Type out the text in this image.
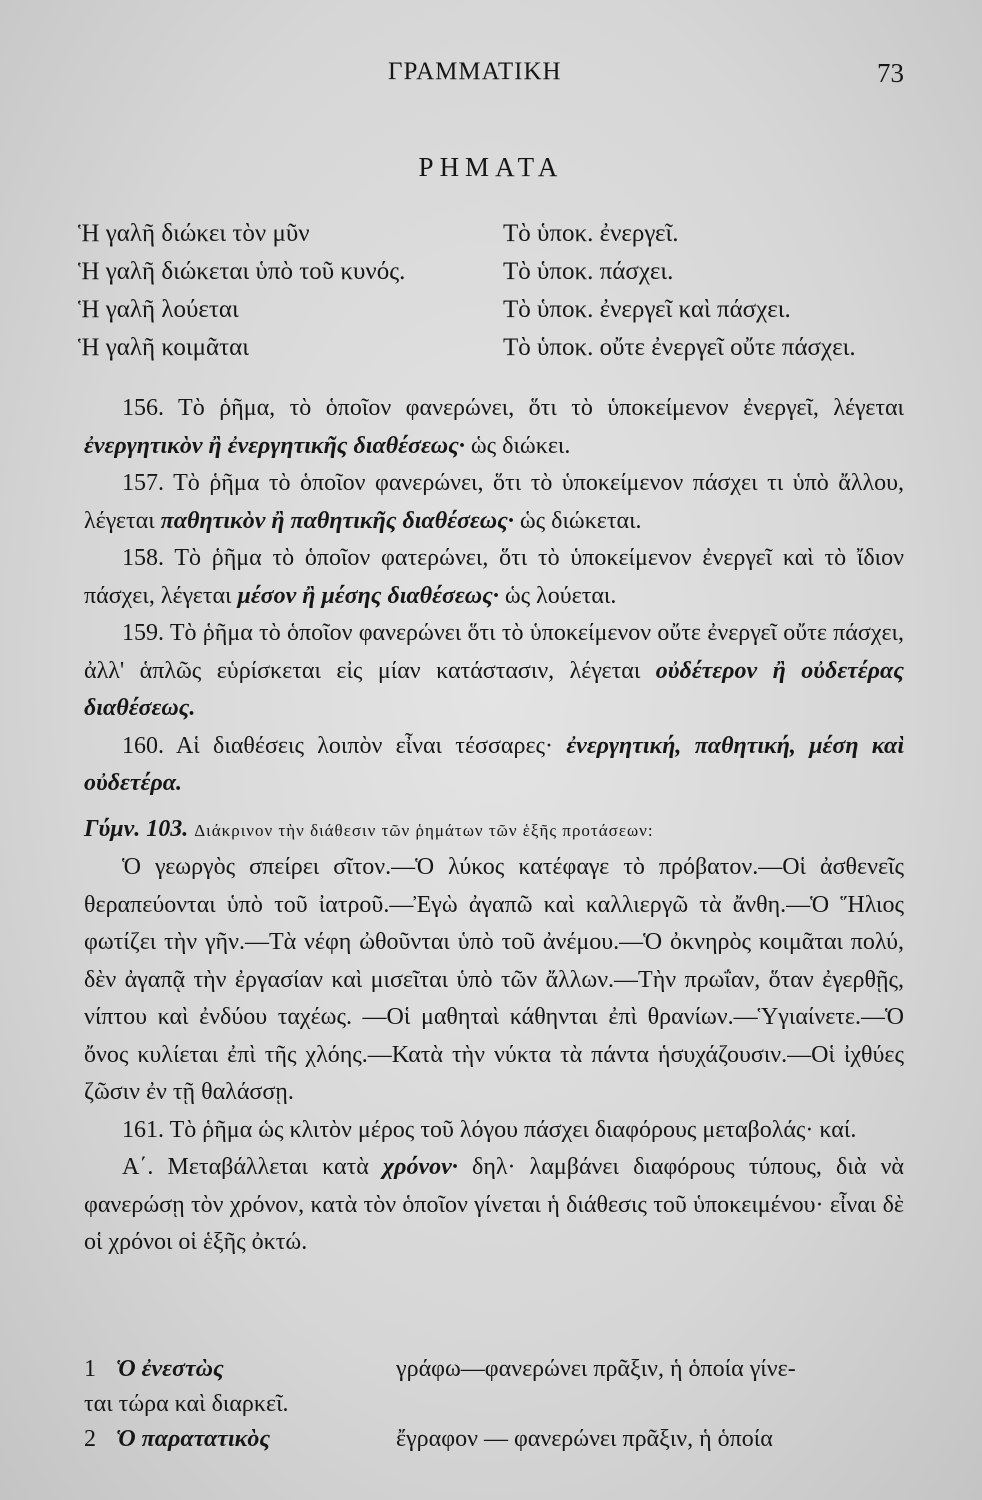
ΓΡΑΜΜΑΤΙΚΗ	73
ΡΗΜΑΤΑ
Ἡ γαλῆ διώκει τὸν μῦν	Τὸ ὑποκ. ἐνεργεῖ.
Ἡ γαλῆ διώκεται ὑπὸ τοῦ κυνός.	Τὸ ὑποκ. πάσχει.
Ἡ γαλῆ λούεται	Τὸ ὑποκ. ἐνεργεῖ καὶ πάσχει.
Ἡ γαλῆ κοιμᾶται	Τὸ ὑποκ. οὔτε ἐνεργεῖ οὔτε πάσχει.

156. Τὸ ῥῆμα, τὸ ὁποῖον φανερώνει, ὅτι τὸ ὑποκείμενον ἐνεργεῖ, λέγεται ἐνεργητικὸν ἢ ἐνεργητικῆς διαθέσεως· ὡς διώκει.

157. Τὸ ῥῆμα τὸ ὁποῖον φανερώνει, ὅτι τὸ ὑποκείμενον πάσχει τι ὑπὸ ἄλλου, λέγεται παθητικὸν ἢ παθητικῆς διαθέσεως· ὡς διώκεται.

158. Τὸ ῥῆμα τὸ ὁποῖον φατερώνει, ὅτι τὸ ὑποκείμενον ἐνεργεῖ καὶ τὸ ἴδιον πάσχει, λέγεται μέσον ἢ μέσης διαθέσεως· ὡς λούεται.

159. Τὸ ῥῆμα τὸ ὁποῖον φανερώνει ὅτι τὸ ὑποκείμενον οὔτε ἐνεργεῖ οὔτε πάσχει, ἀλλ' ἁπλῶς εὑρίσκεται εἰς μίαν κατάστασιν, λέγεται οὐδέτερον ἢ οὐδετέρας διαθέσεως.

160. Αἱ διαθέσεις λοιπὸν εἶναι τέσσαρες· ἐνεργητική, παθητική, μέση καὶ οὐδετέρα.

Γύμν. 103. Διάκρινον τὴν διάθεσιν τῶν ῥημάτων τῶν ἑξῆς προτάσεων:

Ὁ γεωργὸς σπείρει σῖτον.—Ὁ λύκος κατέφαγε τὸ πρόβατον.—Οἱ ἀσθενεῖς θεραπεύονται ὑπὸ τοῦ ἰατροῦ.—Ἐγὼ ἀγαπῶ καὶ καλλιεργῶ τὰ ἄνθη.—Ὁ Ἥλιος φωτίζει τὴν γῆν.—Τὰ νέφη ὠθοῦνται ὑπὸ τοῦ ἀνέμου.—Ὁ ὀκνηρὸς κοιμᾶται πολύ, δὲν ἀγαπᾷ τὴν ἐργασίαν καὶ μισεῖται ὑπὸ τῶν ἄλλων.—Τὴν πρωΐαν, ὅταν ἐγερθῇς, νίπτου καὶ ἐνδύου ταχέως. —Οἱ μαθηταὶ κάθηνται ἐπὶ θρανίων.—Ὑγιαίνετε.—Ὁ ὄνος κυλίεται ἐπὶ τῆς χλόης.—Κατὰ τὴν νύκτα τὰ πάντα ἡσυχάζουσιν.—Οἱ ἰχθύες ζῶσιν ἐν τῇ θαλάσσῃ.

161. Τὸ ῥῆμα ὡς κλιτὸν μέρος τοῦ λόγου πάσχει διαφόρους μεταβολάς· καί.

Α΄. Μεταβάλλεται κατὰ χρόνον· δηλ· λαμβάνει διαφόρους τύπους, διὰ νὰ φανερώσῃ τὸν χρόνον, κατὰ τὸν ὁποῖον γίνεται ἡ διάθεσις τοῦ ὑποκειμένου· εἶναι δὲ οἱ χρόνοι οἱ ἑξῆς ὀκτώ.

1 Ὁ ἐνεστὼς	γράφω—φανερώνει πρᾶξιν, ἡ ὁποία γίνε-
ται τώρα καὶ διαρκεῖ.
2 Ὁ παρατατικὸς	ἔγραφον — φανερώνει πρᾶξιν, ἡ ὁποία
